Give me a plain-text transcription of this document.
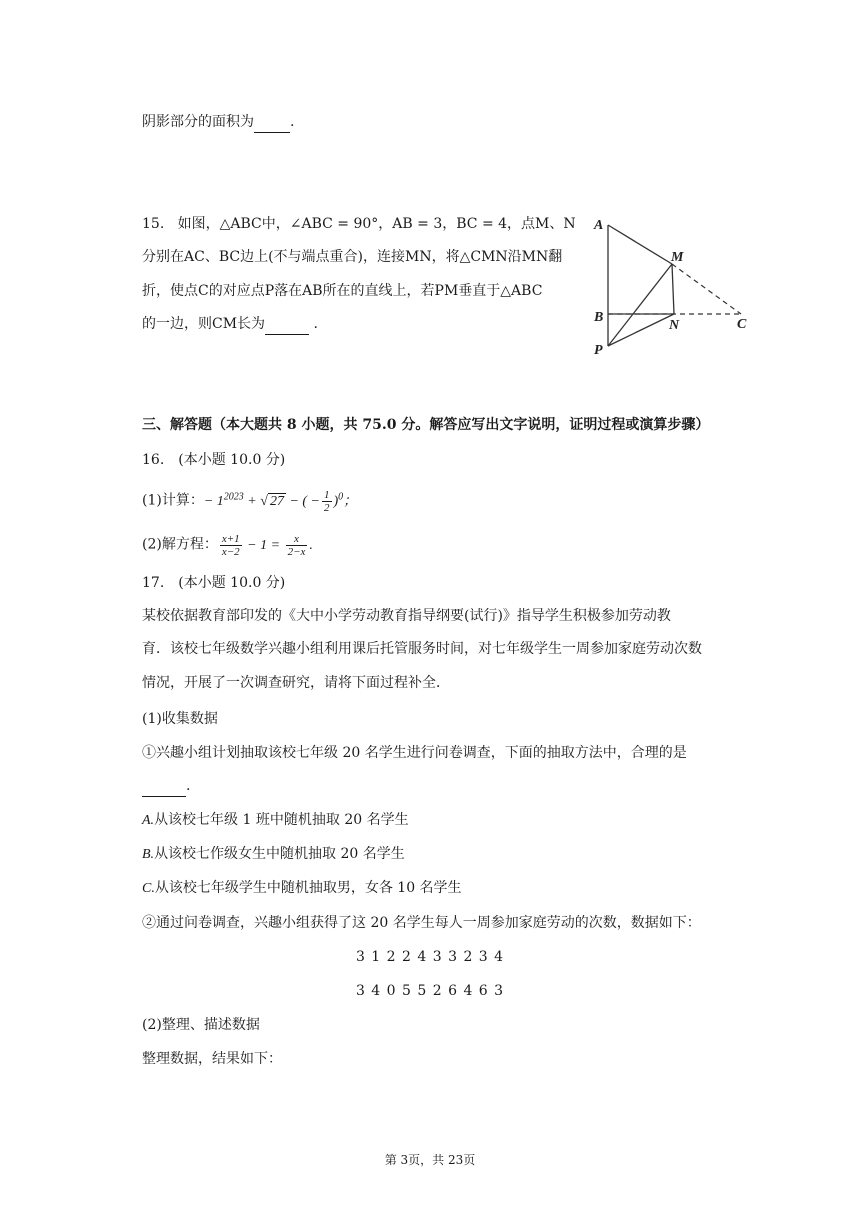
阴影部分的面积为	.
15. 如图，△ABC中，∠ABC = 90°，AB = 3，BC = 4，点M、N
分别在AC、BC边上(不与端点重合)，连接MN，将△CMN沿MN翻
折，使点C的对应点P落在AB所在的直线上，若PM垂直于△ABC
的一边，则CM长为	.
A
B	C
M
N
P
三、解答题（本大题共 8 小题，共 75.0 分。解答应写出文字说明，证明过程或演算步骤）
16.　(本小题 10.0 分)
(1)计算：− $1^{2023}$ + √ 27 − ( − $\frac{1}{2} )^0$；
(2)解方程： $\frac{x+1}{x-2} - 1 = \frac{x}{2-x}$ .
17.　(本小题 10.0 分)
某校依据教育部印发的《大中小学劳动教育指导纲要(试行)》指导学生积极参加劳动教
育．该校七年级数学兴趣小组利用课后托管服务时间，对七年级学生一周参加家庭劳动次数
情况，开展了一次调查研究，请将下面过程补全．
(1)收集数据
①兴趣小组计划抽取该校七年级 20 名学生进行问卷调查，下面的抽取方法中，合理的是
.
A.从该校七年级 1 班中随机抽取 20 名学生
B.从该校七作级女生中随机抽取 20 名学生
C.从该校七年级学生中随机抽取男，女各 10 名学生
②通过问卷调查，兴趣小组获得了这 20 名学生每人一周参加家庭劳动的次数，数据如下：
3 1 2 2 4 3 3 2 3 4
3 4 0 5 5 2 6 4 6 3
(2)整理、描述数据
整理数据，结果如下：
第 3页，共 23页
